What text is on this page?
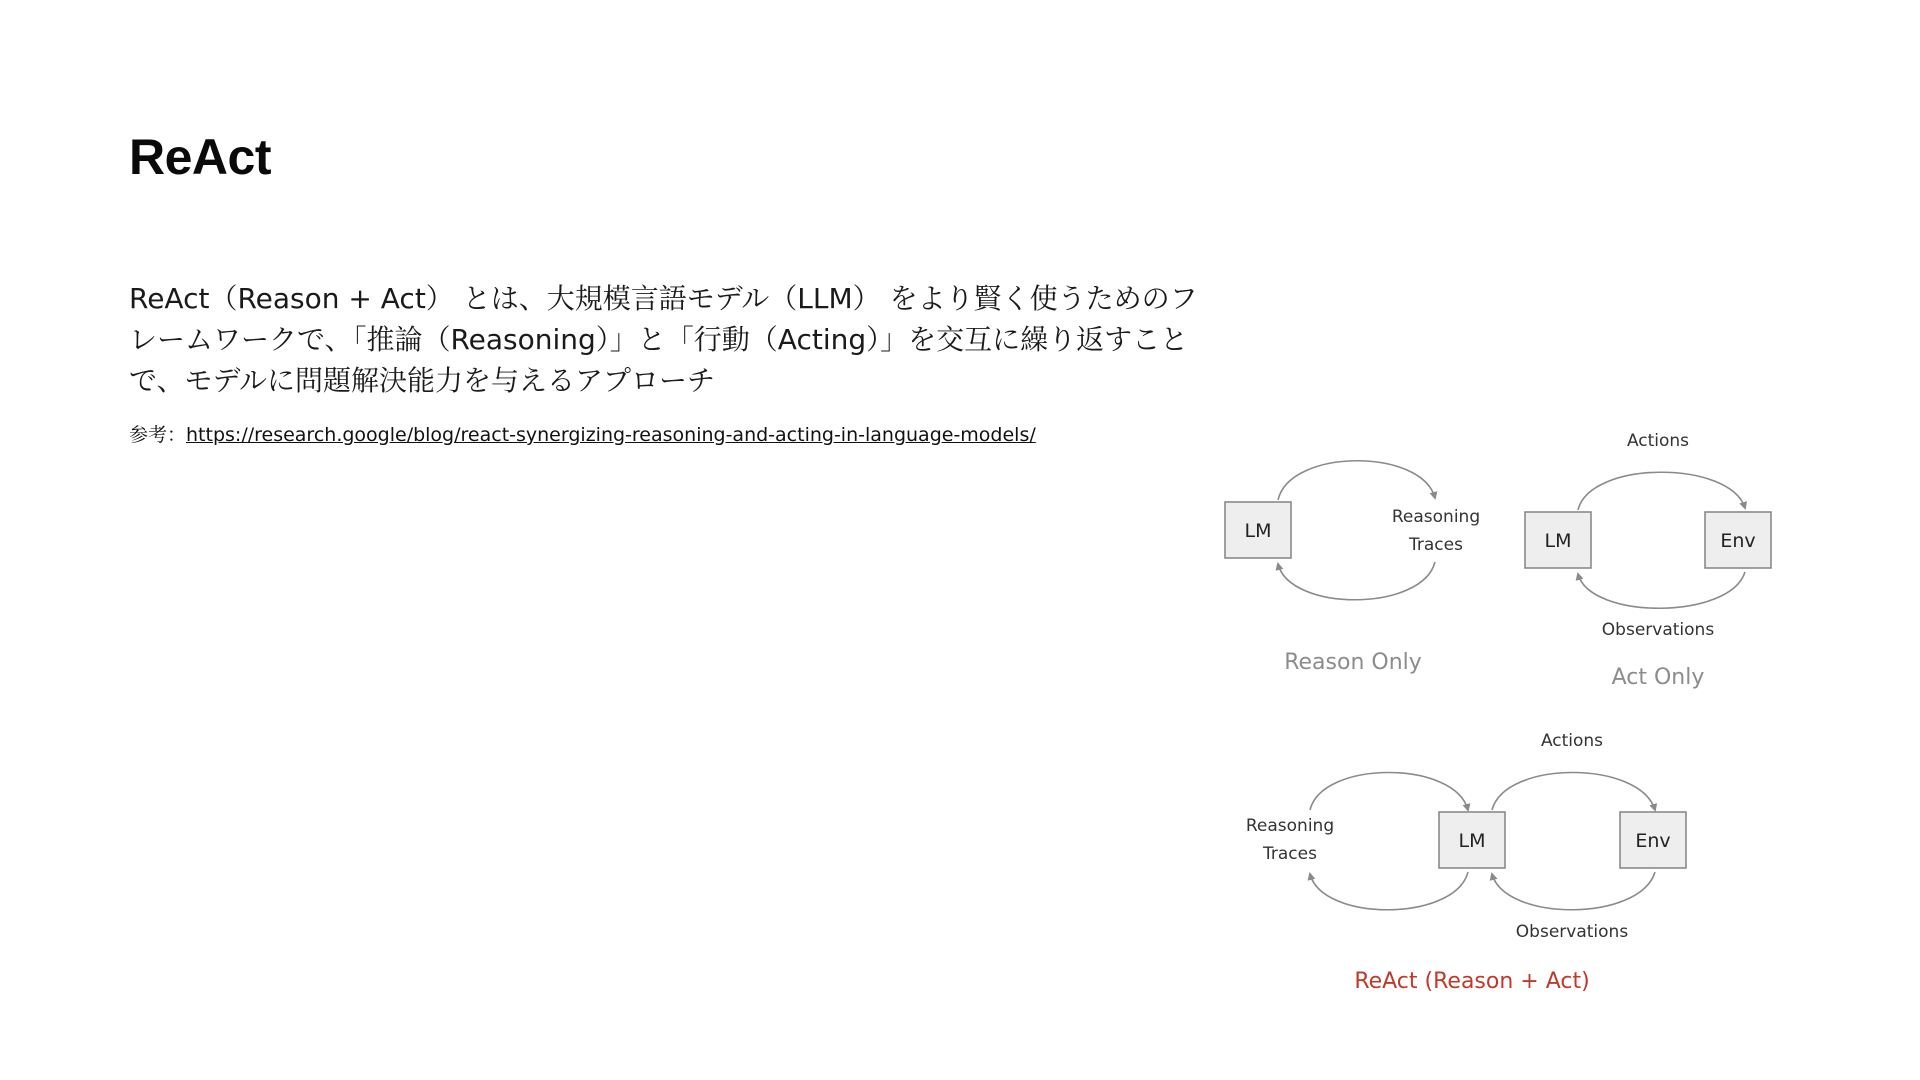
ReAct

ReAct（Reason + Act） とは、大規模言語モデル（LLM） をより賢く使うためのフレームワークで、「推論（Reasoning）」と「行動（Acting）」を交互に繰り返すことで、モデルに問題解決能力を与えるアプローチ

参考：https://research.google/blog/react-synergizing-reasoning-and-acting-in-language-models/
LM
Reasoning
Traces
Reason Only
LM	Env
Actions
Observations
Act Only
LM	Env
Reasoning
Traces
Actions
Observations
ReAct (Reason + Act)
